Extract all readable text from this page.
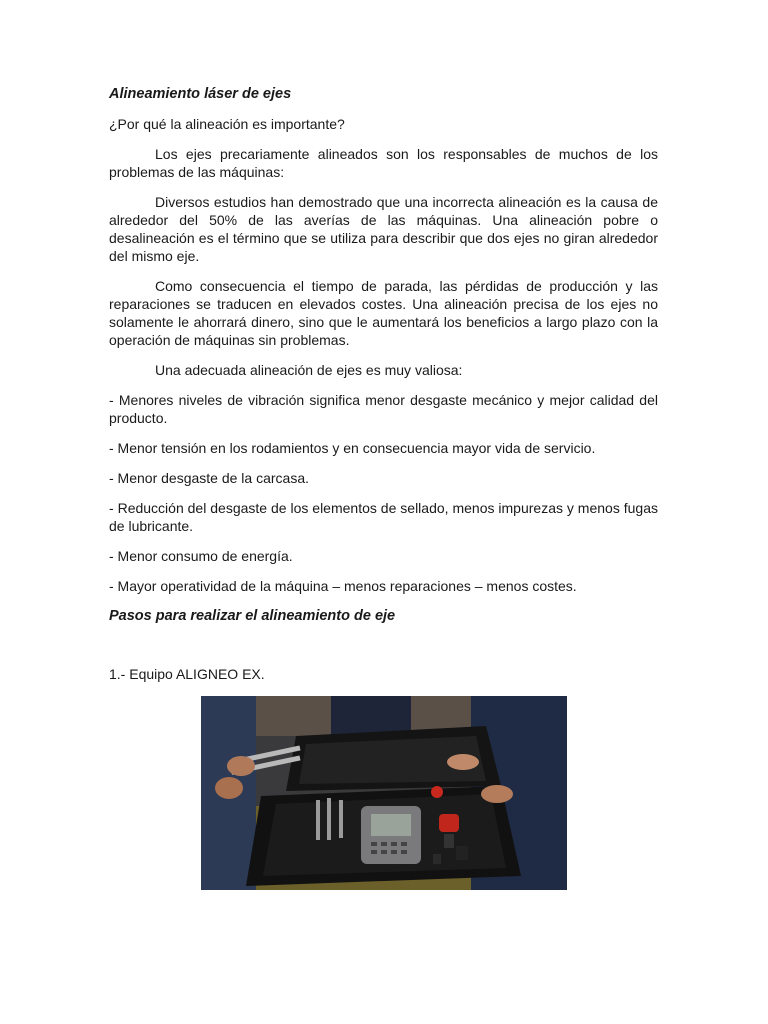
Alineamiento láser de ejes

¿Por qué la alineación es importante?

Los ejes precariamente alineados son los responsables de muchos de los problemas de las máquinas:

Diversos estudios han demostrado que una incorrecta alineación es la causa de alrededor del 50% de las averías de las máquinas. Una alineación pobre o desalineación es el término que se utiliza para describir que dos ejes no giran alrededor del mismo eje.

Como consecuencia el tiempo de parada, las pérdidas de producción y las reparaciones se traducen en elevados costes. Una alineación precisa de los ejes no solamente le ahorrará dinero, sino que le aumentará los beneficios a largo plazo con la operación de máquinas sin problemas.

Una adecuada alineación de ejes es muy valiosa:

- Menores niveles de vibración significa menor desgaste mecánico y mejor calidad del producto.

- Menor tensión en los rodamientos y en consecuencia mayor vida de servicio.

- Menor desgaste de la carcasa.

- Reducción del desgaste de los elementos de sellado, menos impurezas y menos fugas de lubricante.

- Menor consumo de energía.

- Mayor operatividad de la máquina – menos reparaciones – menos costes.

Pasos para realizar el alineamiento de eje

1.- Equipo ALIGNEO EX.
